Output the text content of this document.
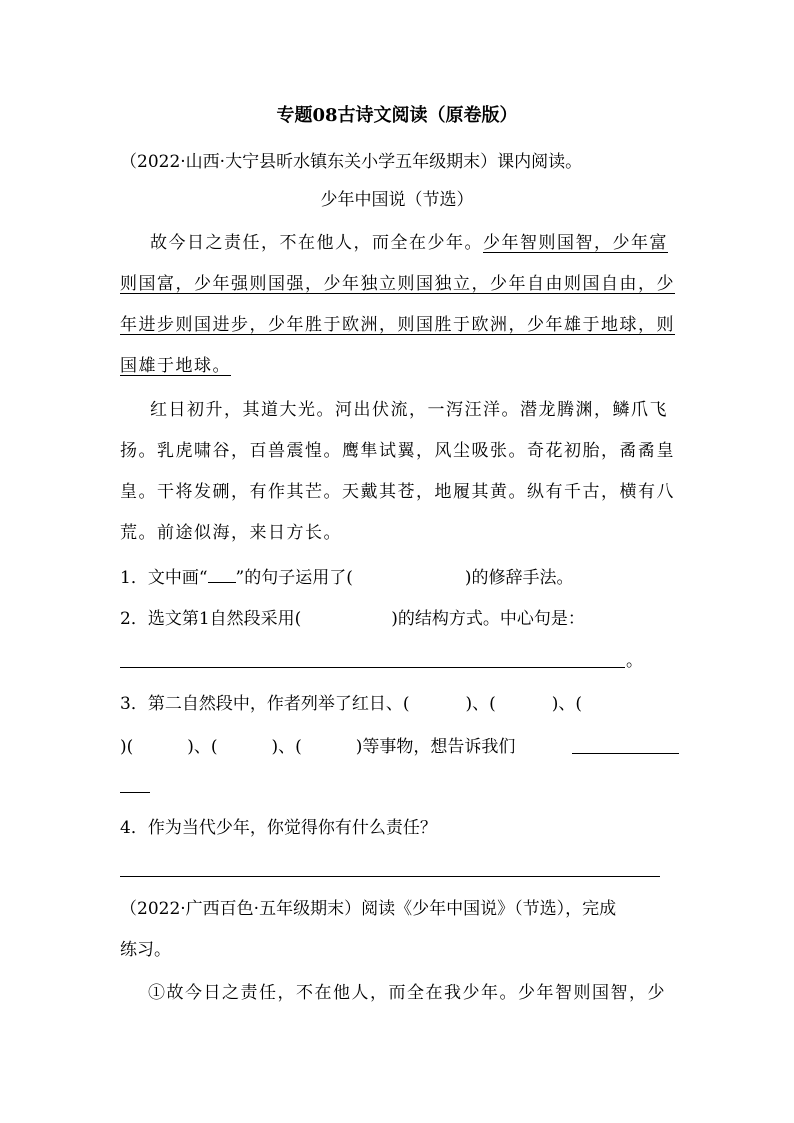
专题08古诗文阅读（原卷版）
（2022·山西·大宁县昕水镇东关小学五年级期末）课内阅读。
少年中国说（节选）
故今日之责任，不在他人，而全在少年。少年智则国智，少年富
则国富，少年强则国强，少年独立则国独立，少年自由则国自由，少
年进步则国进步，少年胜于欧洲，则国胜于欧洲，少年雄于地球，则
国雄于地球。
红日初升，其道大光。河出伏流，一泻汪洋。潜龙腾渊，鳞爪飞
扬。乳虎啸谷，百兽震惶。鹰隼试翼，风尘吸张。奇花初胎，矞矞皇
皇。干将发硎，有作其芒。天戴其苍，地履其黄。纵有千古，横有八
荒。前途似海，来日方长。
1．文中画“ ”的句子运用了(	)的修辞手法。
2．选文第1自然段采用(	)的结构方式。中心句是：
。
3．第二自然段中，作者列举了红日、(	)、(	)、(
)(	)、(	)、(	)等事物，想告诉我们
4．作为当代少年，你觉得你有什么责任？
（2022·广西百色·五年级期末）阅读《少年中国说》（节选），完成
练习。
①故今日之责任，不在他人，而全在我少年。少年智则国智，少
